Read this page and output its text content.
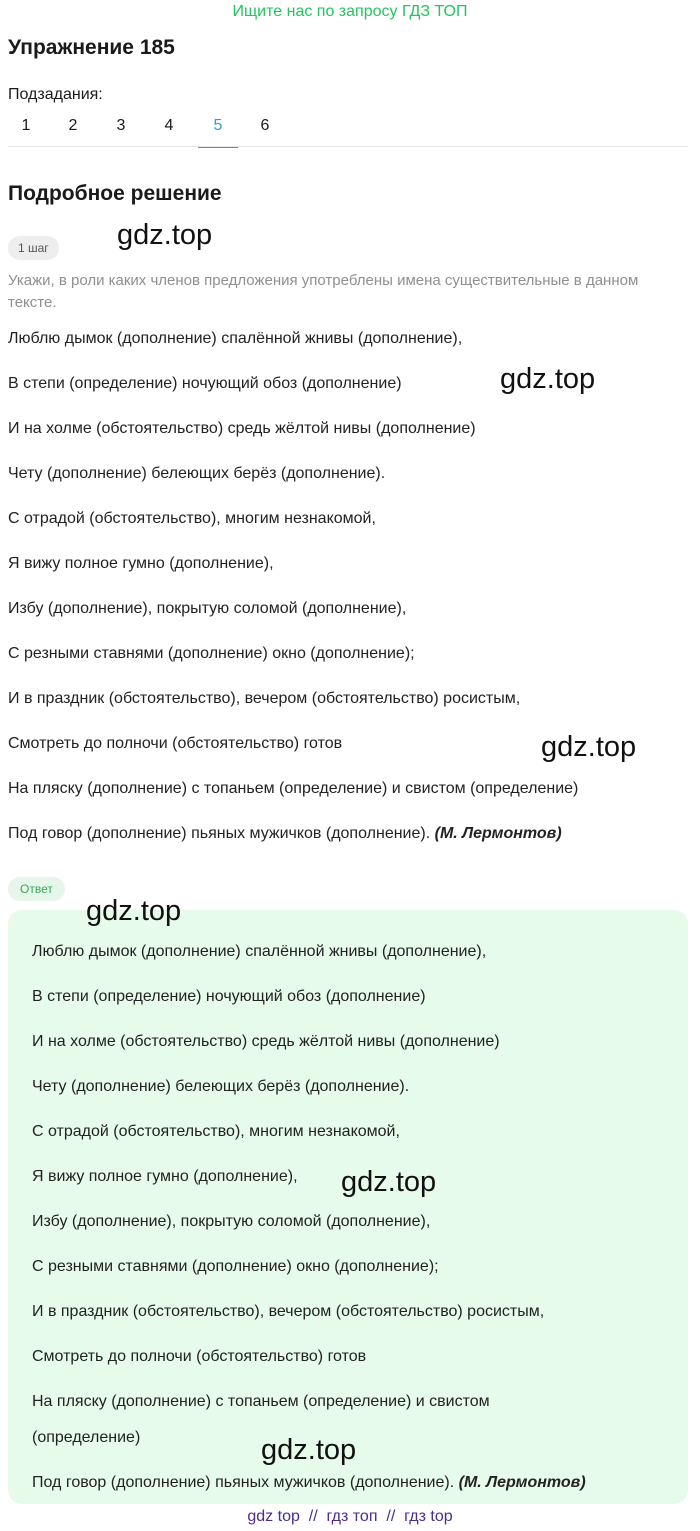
Ищите нас по запросу ГДЗ ТОП
Упражнение 185
Подзадания:
1	2	3	4	5	6
Подробное решение
1 шаг
Укажи, в роли каких членов предложения употреблены имена существительные в данном тексте.
Люблю дымок (дополнение) спалённой жнивы (дополнение),
В степи (определение) ночующий обоз (дополнение)
И на холме (обстоятельство) средь жёлтой нивы (дополнение)
Чету (дополнение) белеющих берёз (дополнение).
С отрадой (обстоятельство), многим незнакомой,
Я вижу полное гумно (дополнение),
Избу (дополнение), покрытую соломой (дополнение),
С резными ставнями (дополнение) окно (дополнение);
И в праздник (обстоятельство), вечером (обстоятельство) росистым,
Смотреть до полночи (обстоятельство) готов
На пляску (дополнение) с топаньем (определение) и свистом (определение)
Под говор (дополнение) пьяных мужичков (дополнение). (М. Лермонтов)
gdz.top
gdz.top
gdz.top
Ответ
Люблю дымок (дополнение) спалённой жнивы (дополнение),
В степи (определение) ночующий обоз (дополнение)
И на холме (обстоятельство) средь жёлтой нивы (дополнение)
Чету (дополнение) белеющих берёз (дополнение).
С отрадой (обстоятельство), многим незнакомой,
Я вижу полное гумно (дополнение),
Избу (дополнение), покрытую соломой (дополнение),
С резными ставнями (дополнение) окно (дополнение);
И в праздник (обстоятельство), вечером (обстоятельство) росистым,
Смотреть до полночи (обстоятельство) готов
На пляску (дополнение) с топаньем (определение) и свистом
(определение)
Под говор (дополнение) пьяных мужичков (дополнение). (М. Лермонтов)
gdz.top
gdz.top
gdz.top
gdz top  //  гдз топ  //  гдз top
